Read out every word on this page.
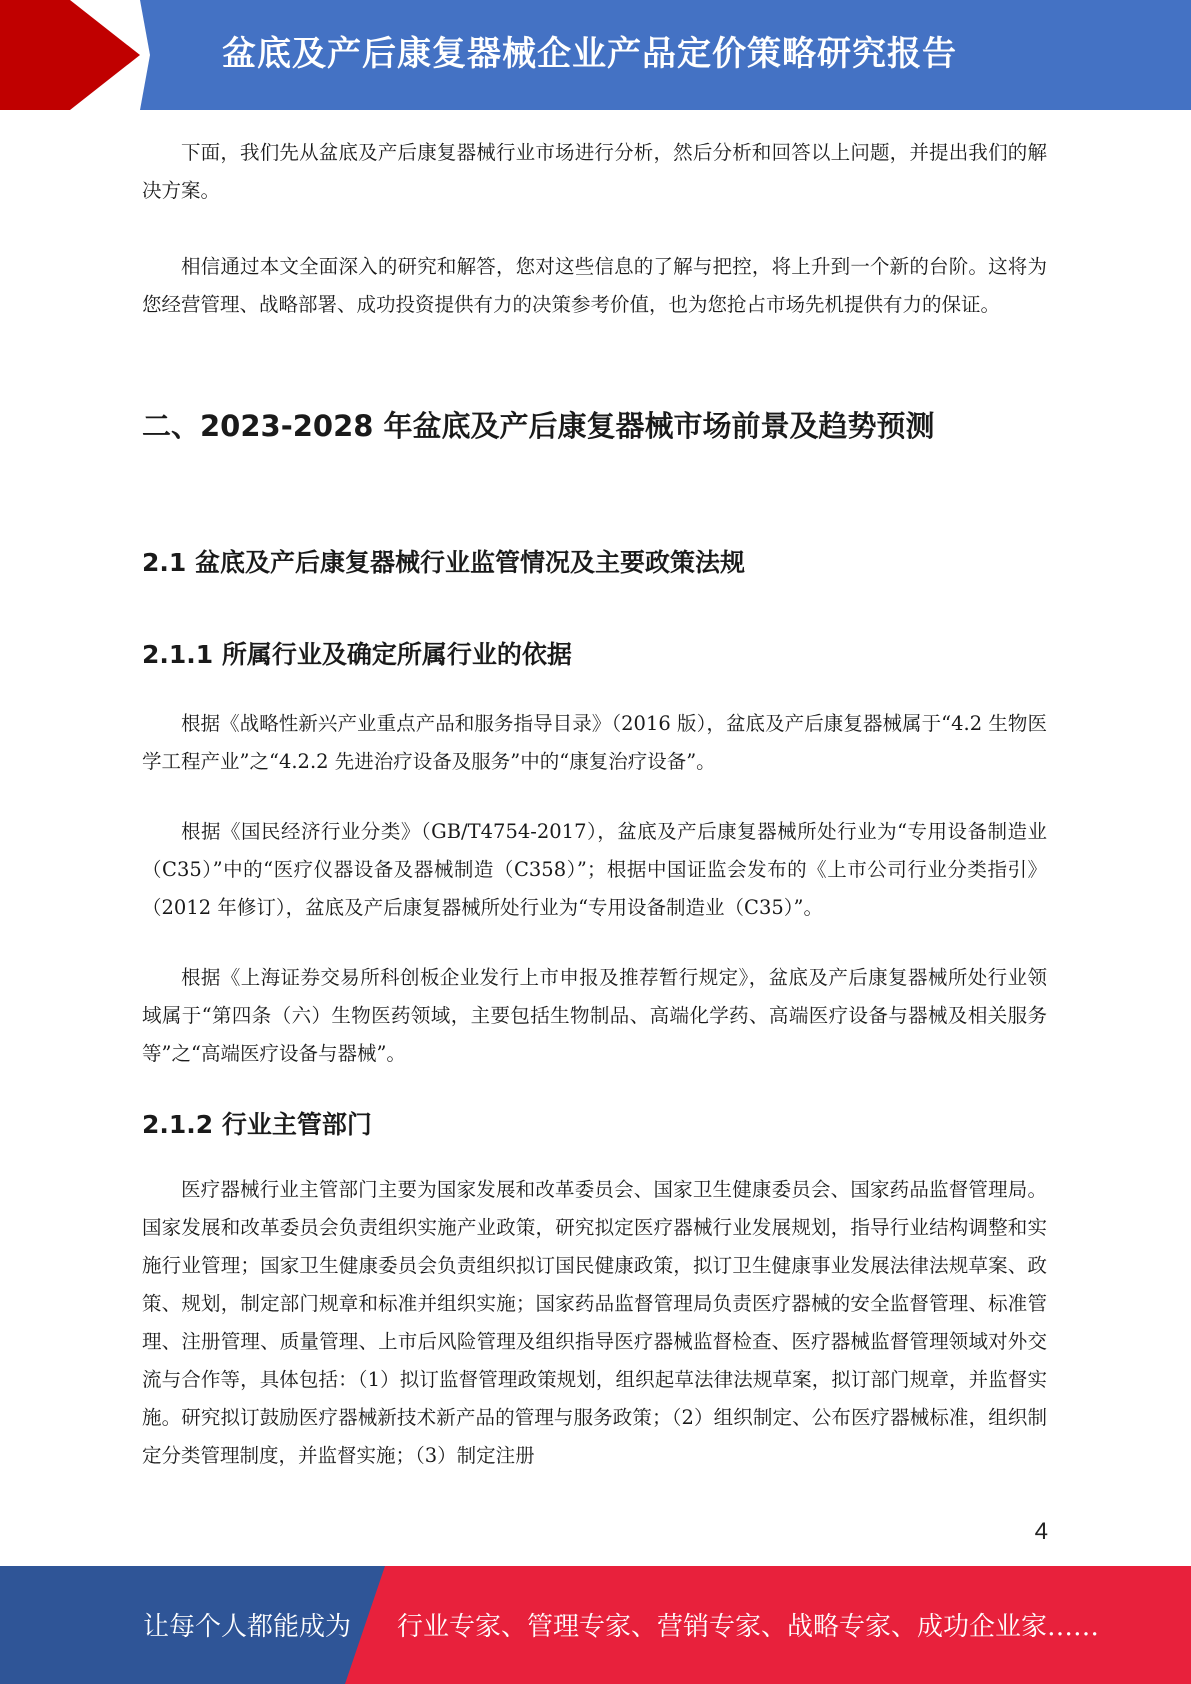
盆底及产后康复器械企业产品定价策略研究报告

下面，我们先从盆底及产后康复器械行业市场进行分析，然后分析和回答以上问题，并提出我们的解决方案。

相信通过本文全面深入的研究和解答，您对这些信息的了解与把控，将上升到一个新的台阶。这将为您经营管理、战略部署、成功投资提供有力的决策参考价值，也为您抢占市场先机提供有力的保证。

二、2023-2028 年盆底及产后康复器械市场前景及趋势预测
2.1 盆底及产后康复器械行业监管情况及主要政策法规
2.1.1 所属行业及确定所属行业的依据

根据《战略性新兴产业重点产品和服务指导目录》（2016 版），盆底及产后康复器械属于“4.2 生物医学工程产业”之“4.2.2 先进治疗设备及服务”中的“康复治疗设备”。

根据《国民经济行业分类》（GB/T4754-2017），盆底及产后康复器械所处行业为“专用设备制造业（C35）”中的“医疗仪器设备及器械制造（C358）”；根据中国证监会发布的《上市公司行业分类指引》（2012 年修订），盆底及产后康复器械所处行业为“专用设备制造业（C35）”。

根据《上海证券交易所科创板企业发行上市申报及推荐暂行规定》，盆底及产后康复器械所处行业领域属于“第四条（六）生物医药领域，主要包括生物制品、高端化学药、高端医疗设备与器械及相关服务等”之“高端医疗设备与器械”。

2.1.2 行业主管部门

医疗器械行业主管部门主要为国家发展和改革委员会、国家卫生健康委员会、国家药品监督管理局。国家发展和改革委员会负责组织实施产业政策，研究拟定医疗器械行业发展规划，指导行业结构调整和实施行业管理；国家卫生健康委员会负责组织拟订国民健康政策，拟订卫生健康事业发展法律法规草案、政策、规划，制定部门规章和标准并组织实施；国家药品监督管理局负责医疗器械的安全监督管理、标准管理、注册管理、质量管理、上市后风险管理及组织指导医疗器械监督检查、医疗器械监督管理领域对外交流与合作等，具体包括：（1）拟订监督管理政策规划，组织起草法律法规草案，拟订部门规章，并监督实施。研究拟订鼓励医疗器械新技术新产品的管理与服务政策；（2）组织制定、公布医疗器械标准，组织制定分类管理制度，并监督实施；（3）制定注册

4
让每个人都能成为 行业专家、管理专家、营销专家、战略专家、成功企业家……
